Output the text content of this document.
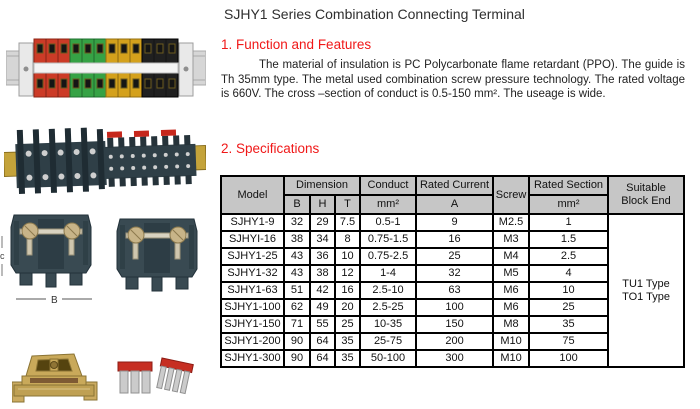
c
B
SJHY1 Series Combination Connecting Terminal
1. Function and Features

The material of insulation is PC Polycarbonate flame retardant (PPO). The guide is Th 35mm type. The metal used combination screw pressure technology. The rated voltage is 660V. The cross –section of conduct is 0.5-150 mm². The useage is wide.

2. Specifications
Model	Dimension			Conduct	Rated Current	Screw	Rated Section	Suitable
Block End
	B	H	T	mm²	A		mm²	
SJHY1-9	32	29	7.5	0.5-1	9	M2.5	1	TU1 Type
TO1 Type
SJHYI-16	38	34	8	0.75-1.5	16	M3	1.5	
SJHY1-25	43	36	10	0.75-2.5	25	M4	2.5	
SJHY1-32	43	38	12	1-4	32	M5	4	
SJHY1-63	51	42	16	2.5-10	63	M6	10	
SJHY1-100	62	49	20	2.5-25	100	M6	25	
SJHY1-150	71	55	25	10-35	150	M8	35	
SJHY1-200	90	64	35	25-75	200	M10	75	
SJHY1-300	90	64	35	50-100	300	M10	100	
